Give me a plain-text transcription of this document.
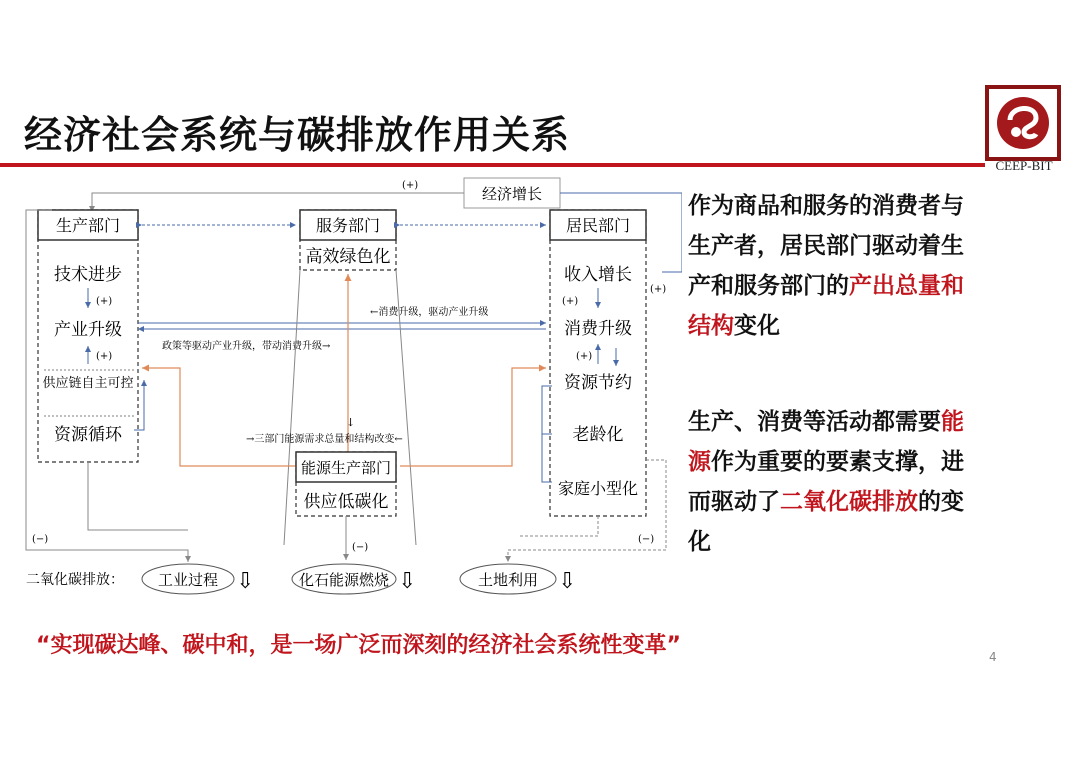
经济社会系统与碳排放作用关系
CEEP-BIT
经济增长
(+)
(+)
生产部门
技术进步
产业升级
供应链自主可控
资源循环
(+)
(+)
服务部门
高效绿色化
居民部门
收入增长
消费升级
资源节约
老龄化
家庭小型化
(+)
(+)
←消费升级，驱动产业升级
政策等驱动产业升级，带动消费升级→
↓
→三部门能源需求总量和结构改变←
能源生产部门
供应低碳化
(−)
(−)
(−)
二氧化碳排放： 工业过程 ⇩	化石能源燃烧 ⇩	土地利用 ⇩
作为商品和服务的消费者与生产者，居民部门驱动着生产和服务部门的产出总量和结构变化
生产、消费等活动都需要能源作为重要的要素支撑，进而驱动了二氧化碳排放的变化
“实现碳达峰、碳中和，是一场广泛而深刻的经济社会系统性变革”	4
